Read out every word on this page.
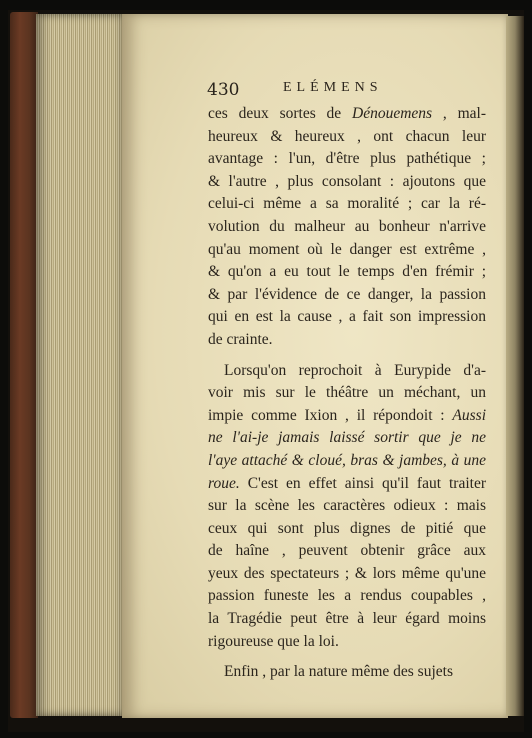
430	ELÉMENS
ces deux sortes de Dénouemens , mal-
heureux & heureux , ont chacun leur
avantage : l'un, d'être plus pathétique ;
& l'autre , plus consolant : ajoutons que
celui-ci même a sa moralité ; car la ré-
volution du malheur au bonheur n'arrive
qu'au moment où le danger est extrême ,
& qu'on a eu tout le temps d'en frémir ;
& par l'évidence de ce danger, la passion
qui en est la cause , a fait son impression
de crainte.
Lorsqu'on reprochoit à Eurypide d'a-
voir mis sur le théâtre un méchant, un
impie comme Ixion , il répondoit : Aussi
ne l'ai-je jamais laissé sortir que je ne
l'aye attaché & cloué, bras & jambes, à une
roue. C'est en effet ainsi qu'il faut traiter
sur la scène les caractères odieux : mais
ceux qui sont plus dignes de pitié que
de haîne , peuvent obtenir grâce aux
yeux des spectateurs ; & lors même qu'une
passion funeste les a rendus coupables ,
la Tragédie peut être à leur égard moins
rigoureuse que la loi.
Enfin , par la nature même des sujets
